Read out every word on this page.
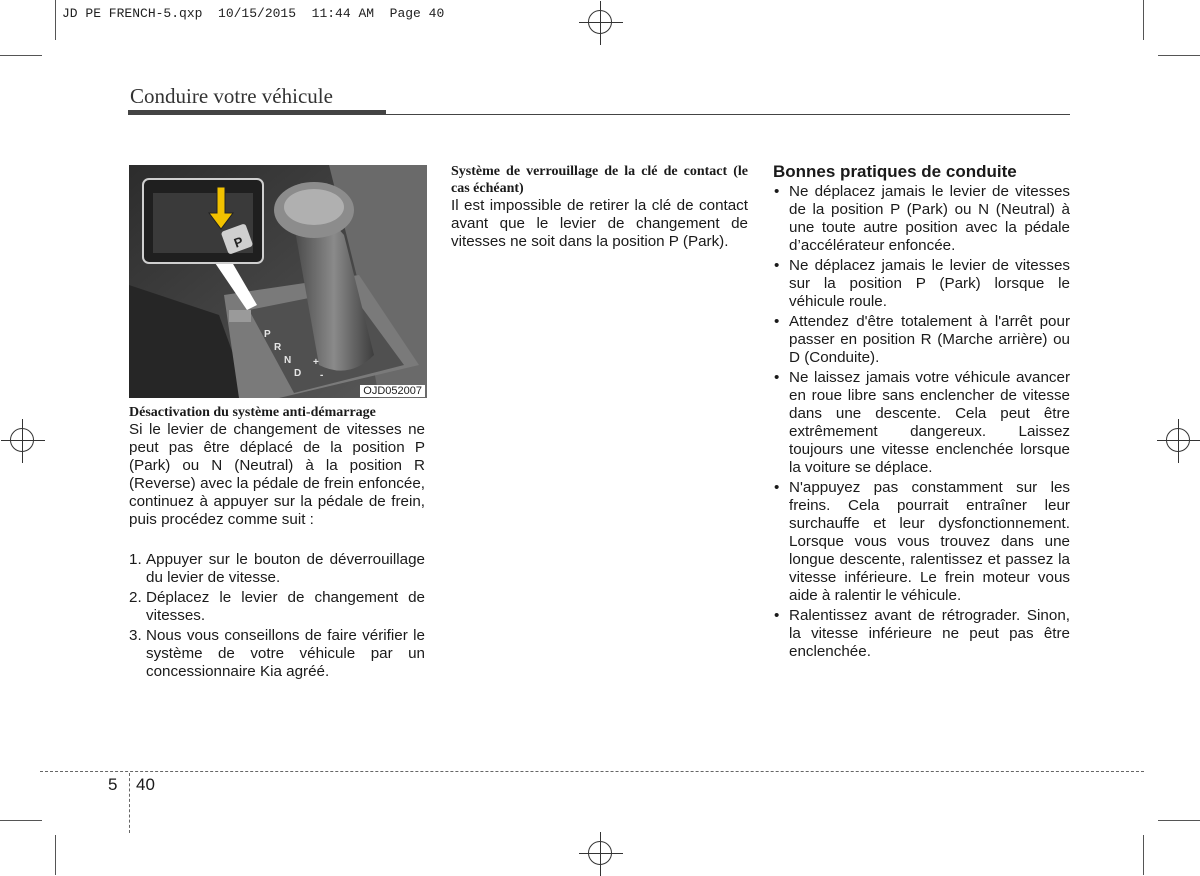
JD PE FRENCH-5.qxp  10/15/2015  11:44 AM  Page 40
Conduire votre véhicule
P
R
N
D
+
-
P
OJD052007

Désactivation du système anti-démarrage

Si le levier de changement de vitesses ne peut pas être déplacé de la position P (Park) ou N (Neutral) à la position R (Reverse) avec la pédale de frein enfoncée, continuez à appuyer sur la pédale de frein, puis procédez comme suit :

1. Appuyer sur le bouton de déverrouillage du levier de vitesse.
2. Déplacez le levier de changement de vitesses.
3. Nous vous conseillons de faire vérifier le système de votre véhicule par un concessionnaire Kia agréé.

Système de verrouillage de la clé de contact (le cas échéant)

Il est impossible de retirer la clé de contact avant que le levier de changement de vitesses ne soit dans la position P (Park).

Bonnes pratiques de conduite

• Ne déplacez jamais le levier de vitesses de la position P (Park) ou N (Neutral) à une toute autre position avec la pédale d’accélérateur enfoncée.
• Ne déplacez jamais le levier de vitesses sur la position P (Park) lorsque le véhicule roule.
• Attendez d'être totalement à l'arrêt pour passer en position R (Marche arrière) ou D (Conduite).
• Ne laissez jamais votre véhicule avancer en roue libre sans enclencher de vitesse dans une descente. Cela peut être extrêmement dangereux. Laissez toujours une vitesse enclenchée lorsque la voiture se déplace.
• N'appuyez pas constamment sur les freins. Cela pourrait entraîner leur surchauffe et leur dysfonctionnement. Lorsque vous vous trouvez dans une longue descente, ralentissez et passez la vitesse inférieure. Le frein moteur vous aide à ralentir le véhicule.
• Ralentissez avant de rétrograder. Sinon, la vitesse inférieure ne peut pas être enclenchée.
5 40
